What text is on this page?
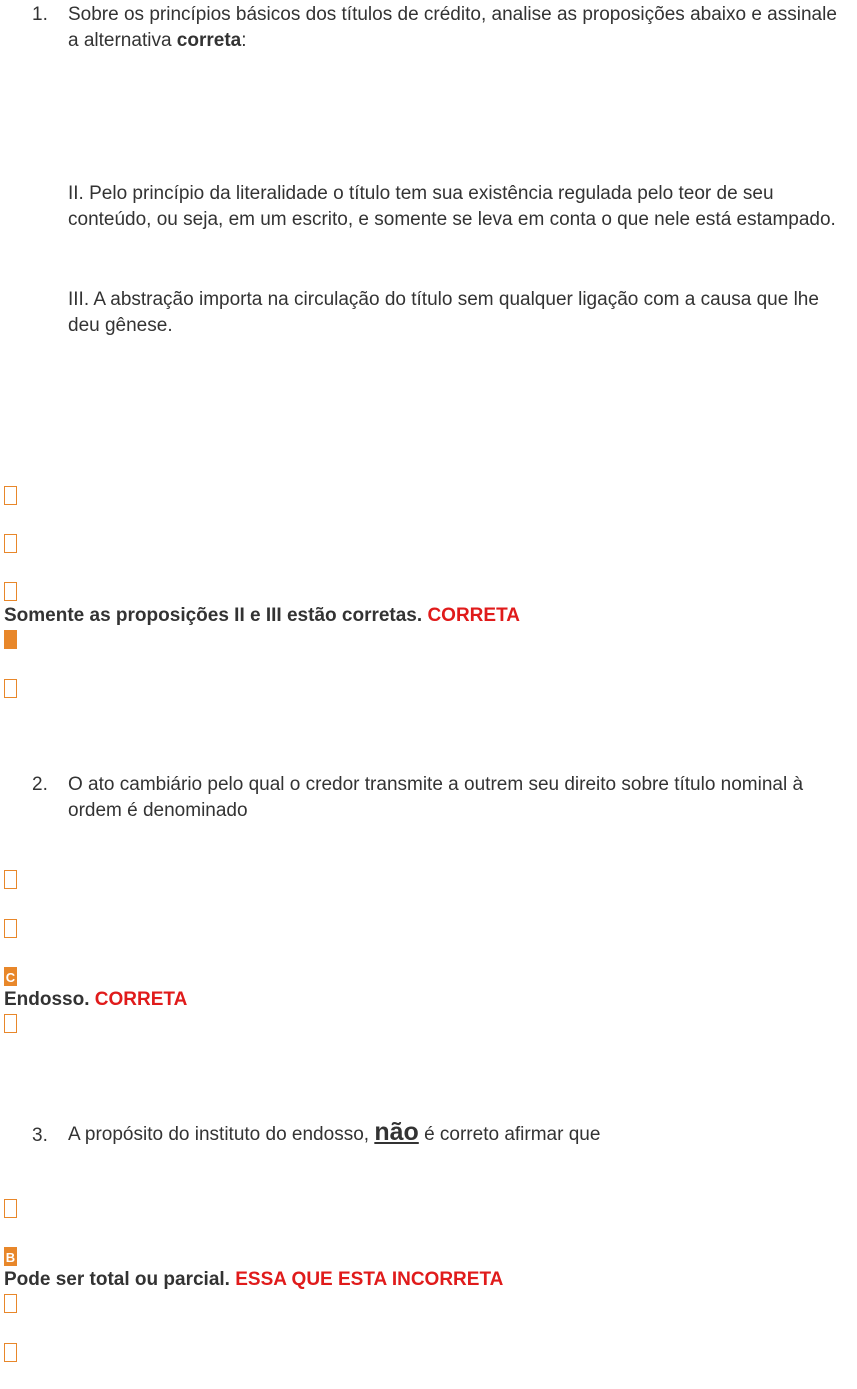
1. Sobre os princípios básicos dos títulos de crédito, analise as proposições abaixo e assinale a alternativa correta:
II. Pelo princípio da literalidade o título tem sua existência regulada pelo teor de seu conteúdo, ou seja, em um escrito, e somente se leva em conta o que nele está estampado.
III. A abstração importa na circulação do título sem qualquer ligação com a causa que lhe deu gênese.
Somente as proposições II e III estão corretas. CORRETA
2. O ato cambiário pelo qual o credor transmite a outrem seu direito sobre título nominal à ordem é denominado
C
Endosso. CORRETA
3. A propósito do instituto do endosso, não é correto afirmar que
B
Pode ser total ou parcial. ESSA QUE ESTA INCORRETA
